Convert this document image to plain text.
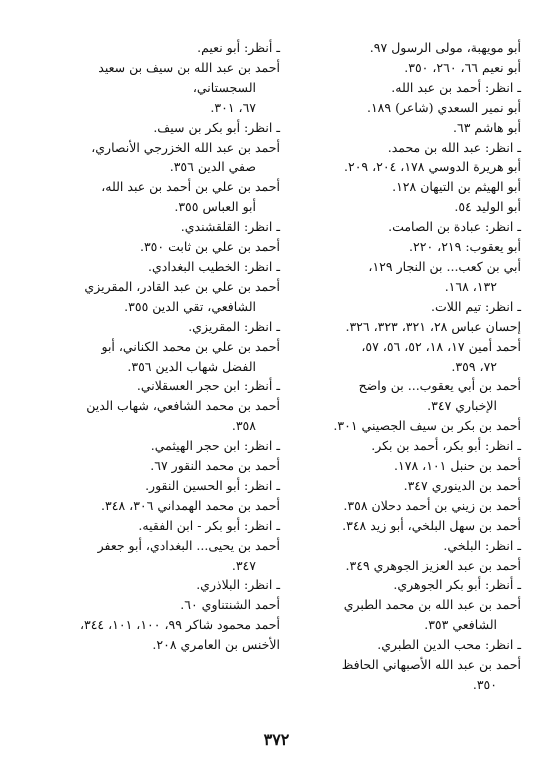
أبو مويهبة، مولى الرسول ٩٧.

أبو نعيم ٦٦، ٢٦٠، ٣٥٠.

ـ انظر: أحمد بن عبد الله.

أبو نمير السعدي (شاعر) ١٨٩.

أبو هاشم ٦٣.

ـ انظر: عبد الله بن محمد.

أبو هريرة الدوسي ١٧٨، ٢٠٤، ٢٠٩.

أبو الهيثم بن التيهان ١٢٨.

أبو الوليد ٥٤.

ـ انظر: عبادة بن الصامت.

أبو يعقوب: ٢١٩، ٢٢٠.

أبي بن كعب... بن النجار ١٢٩،

١٣٢، ١٦٨.

ـ انظر: تيم اللات.

إحسان عباس ٢٨، ٣٢١، ٣٢٣، ٣٢٦.

أحمد أمين ١٧، ١٨، ٥٢، ٥٦، ٥٧،

٧٢، ٣٥٩.

أحمد بن أبي يعقوب... بن واضح

الإخباري ٣٤٧.

أحمد بن بكر بن سيف الجصيني ٣٠١.

ـ انظر: أبو بكر، أحمد بن بكر.

أحمد بن حنبل ١٠١، ١٧٨.

أحمد بن الدينوري ٣٤٧.

أحمد بن زيني بن أحمد دحلان ٣٥٨.

أحمد بن سهل البلخي، أبو زيد ٣٤٨.

ـ انظر: البلخي.

أحمد بن عبد العزيز الجوهري ٣٤٩.

ـ أنظر: أبو بكر الجوهري.

أحمد بن عبد الله بن محمد الطبري

الشافعي ٣٥٣.

ـ انظر: محب الدين الطبري.

أحمد بن عبد الله الأصبهاني الحافظ

٣٥٠.

ـ أنظر: أبو نعيم.

أحمد بن عبد الله بن سيف بن سعيد

السجستاني،

٦٧، ٣٠١.

ـ انظر: أبو بكر بن سيف.

أحمد بن عبد الله الخزرجي الأنصاري،

صفي الدين ٣٥٦.

أحمد بن علي بن أحمد بن عبد الله،

أبو العباس ٣٥٥.

ـ انظر: القلقشندي.

أحمد بن علي بن ثابت ٣٥٠.

ـ انظر: الخطيب البغدادي.

أحمد بن علي بن عبد القادر، المقريزي

الشافعي، تقي الدين ٣٥٥.

ـ انظر: المقريزي.

أحمد بن علي بن محمد الكناني، أبو

الفضل شهاب الدين ٣٥٦.

ـ أنظر: ابن حجر العسقلاني.

أحمد بن محمد الشافعي، شهاب الدين

٣٥٨.

ـ انظر: ابن حجر الهيثمي.

أحمد بن محمد النقور ٦٧.

ـ انظر: أبو الحسين النقور.

أحمد بن محمد الهمداني ٣٠٦، ٣٤٨.

ـ انظر: أبو بكر - ابن الفقيه.

أحمد بن يحيى... البغدادي، أبو جعفر

٣٤٧.

ـ انظر: البلاذري.

أحمد الشنتناوي ٦٠.

أحمد محمود شاكر ٩٩، ١٠٠، ١٠١، ٣٤٤،

الأخنس بن العامري ٢٠٨.

٣٧٢
